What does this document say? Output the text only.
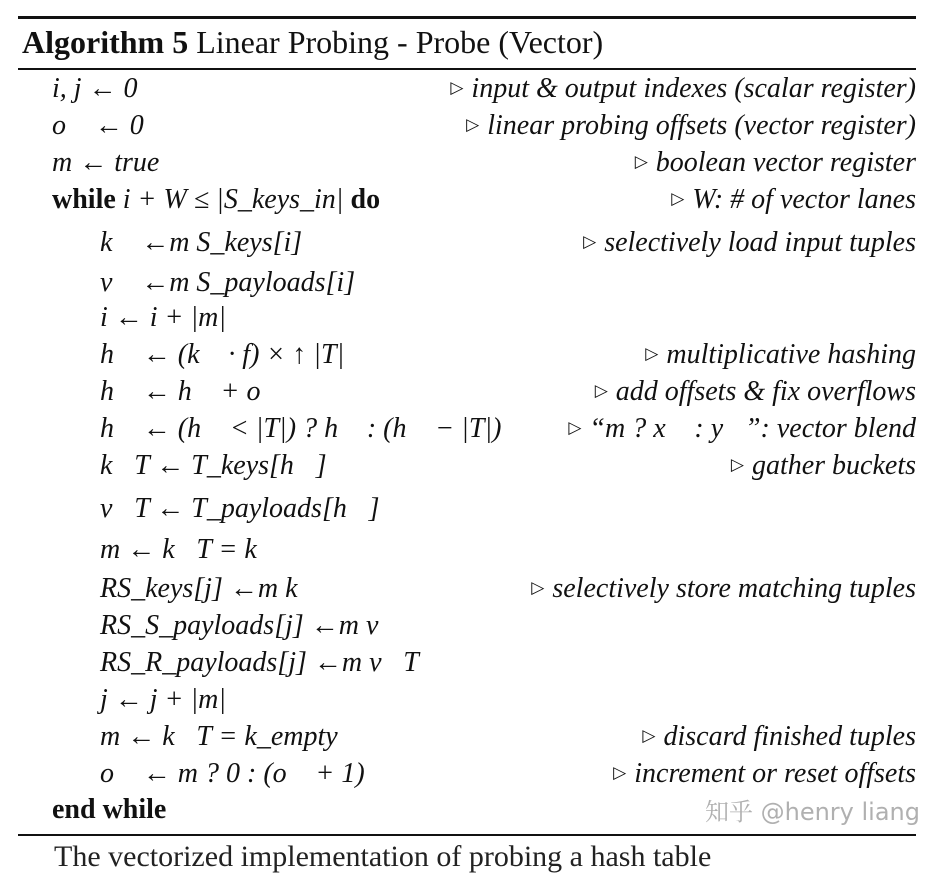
Algorithm 5 Linear Probing - Probe (Vector)
i, j ← 0	▷ input & output indexes (scalar register)
o⃗ ← 0	▷ linear probing offsets (vector register)
m ← true	▷ boolean vector register
while i + W ≤ |S_keys_in| do	▷ W: # of vector lanes
k⃗ ←m S_keys[i]	▷ selectively load input tuples
v⃗ ←m S_payloads[i]
i ← i + |m|
h⃗ ← (k⃗ · f) × ↑ |T|	▷ multiplicative hashing
h⃗ ← h⃗ + o⃗	▷ add offsets & fix overflows
h⃗ ← (h⃗ < |T|) ? h⃗ : (h⃗ − |T|)	▷ “m ? x⃗ : y⃗”: vector blend
k⃗T ← T_keys[h⃗]	▷ gather buckets
v⃗T ← T_payloads[h⃗]
m ← k⃗T = k⃗
RS_keys[j] ←m k⃗	▷ selectively store matching tuples
RS_S_payloads[j] ←m v⃗
RS_R_payloads[j] ←m v⃗T
j ← j + |m|
m ← k⃗T = k_empty	▷ discard finished tuples
o⃗ ← m ? 0 : (o⃗ + 1)	▷ increment or reset offsets
end while	知乎 @henry liang
The vectorized implementation of probing a hash table
